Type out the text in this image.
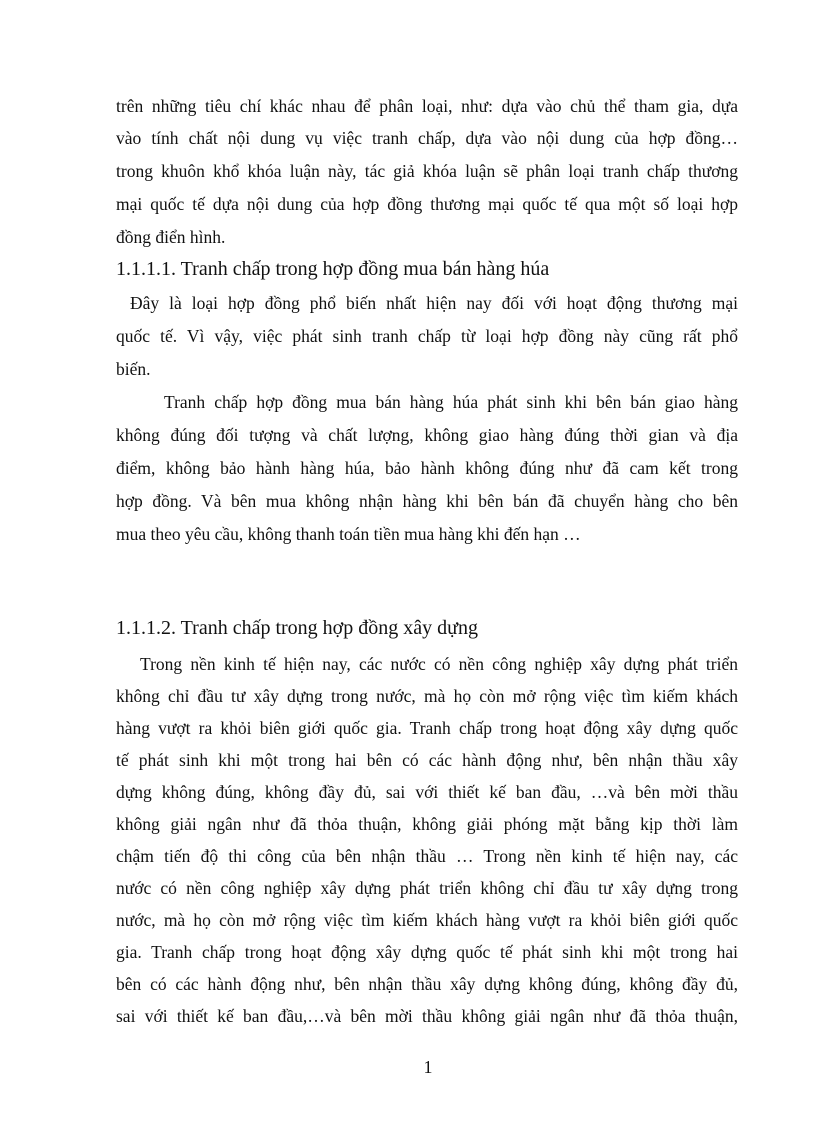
trên những tiêu chí khác nhau để phân loại, như: dựa vào chủ thể tham gia, dựa
vào tính chất nội dung vụ việc tranh chấp, dựa vào nội dung của hợp đồng…
trong khuôn khổ khóa luận này, tác giả khóa luận sẽ phân loại tranh chấp thương
mại quốc tế dựa nội dung của hợp đồng thương mại quốc tế qua một số loại hợp
đồng điển hình.
1.1.1.1. Tranh chấp trong hợp đồng mua bán hàng húa
Đây là loại hợp đồng phổ biến nhất hiện nay đối với hoạt động thương mại
quốc tế. Vì vậy, việc phát sinh tranh chấp từ loại hợp đồng này cũng rất phổ
biến.
Tranh chấp hợp đồng mua bán hàng húa phát sinh khi bên bán giao hàng
không đúng đối tượng và chất lượng, không giao hàng đúng thời gian và địa
điểm, không bảo hành hàng húa, bảo hành không đúng như đã cam kết trong
hợp đồng. Và bên mua không nhận hàng khi bên bán đã chuyển hàng cho bên
mua theo yêu cầu, không thanh toán tiền mua hàng khi đến hạn …
1.1.1.2. Tranh chấp trong hợp đồng xây dựng
Trong nền kinh tế hiện nay, các nước có nền công nghiệp xây dựng phát triển
không chỉ đầu tư xây dựng trong nước, mà họ còn mở rộng việc tìm kiếm khách
hàng vượt ra khỏi biên giới quốc gia. Tranh chấp trong hoạt động xây dựng quốc
tế phát sinh khi một trong hai bên có các hành động như, bên nhận thầu xây
dựng không đúng, không đầy đủ, sai với thiết kế ban đầu, …và bên mời thầu
không giải ngân như đã thỏa thuận, không giải phóng mặt bằng kịp thời làm
chậm tiến độ thi công của bên nhận thầu … Trong nền kinh tế hiện nay, các
nước có nền công nghiệp xây dựng phát triển không chỉ đầu tư xây dựng trong
nước, mà họ còn mở rộng việc tìm kiếm khách hàng vượt ra khỏi biên giới quốc
gia. Tranh chấp trong hoạt động xây dựng quốc tế phát sinh khi một trong hai
bên có các hành động như, bên nhận thầu xây dựng không đúng, không đầy đủ,
sai với thiết kế ban đầu,…và bên mời thầu không giải ngân như đã thỏa thuận,
1
